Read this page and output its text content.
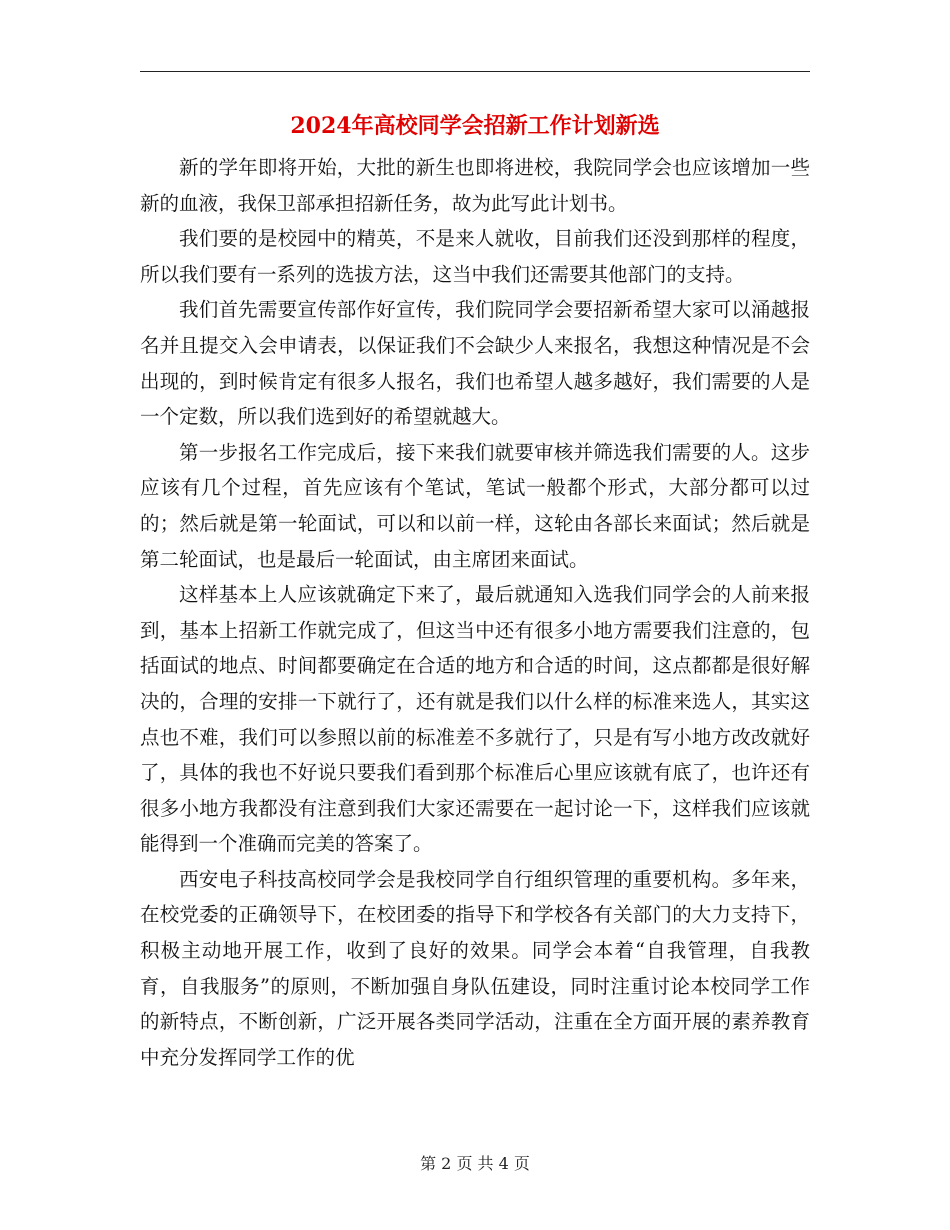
2024年高校同学会招新工作计划新选

新的学年即将开始，大批的新生也即将进校，我院同学会也应该增加一些新的血液，我保卫部承担招新任务，故为此写此计划书。

我们要的是校园中的精英，不是来人就收，目前我们还没到那样的程度，所以我们要有一系列的选拔方法，这当中我们还需要其他部门的支持。

我们首先需要宣传部作好宣传，我们院同学会要招新希望大家可以涌越报名并且提交入会申请表，以保证我们不会缺少人来报名，我想这种情况是不会出现的，到时候肯定有很多人报名，我们也希望人越多越好，我们需要的人是一个定数，所以我们选到好的希望就越大。

第一步报名工作完成后，接下来我们就要审核并筛选我们需要的人。这步应该有几个过程，首先应该有个笔试，笔试一般都个形式，大部分都可以过的；然后就是第一轮面试，可以和以前一样，这轮由各部长来面试；然后就是第二轮面试，也是最后一轮面试，由主席团来面试。

这样基本上人应该就确定下来了，最后就通知入选我们同学会的人前来报到，基本上招新工作就完成了，但这当中还有很多小地方需要我们注意的，包括面试的地点、时间都要确定在合适的地方和合适的时间，这点都都是很好解决的，合理的安排一下就行了，还有就是我们以什么样的标准来选人，其实这点也不难，我们可以参照以前的标准差不多就行了，只是有写小地方改改就好了，具体的我也不好说只要我们看到那个标准后心里应该就有底了，也许还有很多小地方我都没有注意到我们大家还需要在一起讨论一下，这样我们应该就能得到一个准确而完美的答案了。

西安电子科技高校同学会是我校同学自行组织管理的重要机构。多年来，在校党委的正确领导下，在校团委的指导下和学校各有关部门的大力支持下，积极主动地开展工作，收到了良好的效果。同学会本着“自我管理，自我教育，自我服务”的原则，不断加强自身队伍建设，同时注重讨论本校同学工作的新特点，不断创新，广泛开展各类同学活动，注重在全方面开展的素养教育中充分发挥同学工作的优

第 2 页 共 4 页
